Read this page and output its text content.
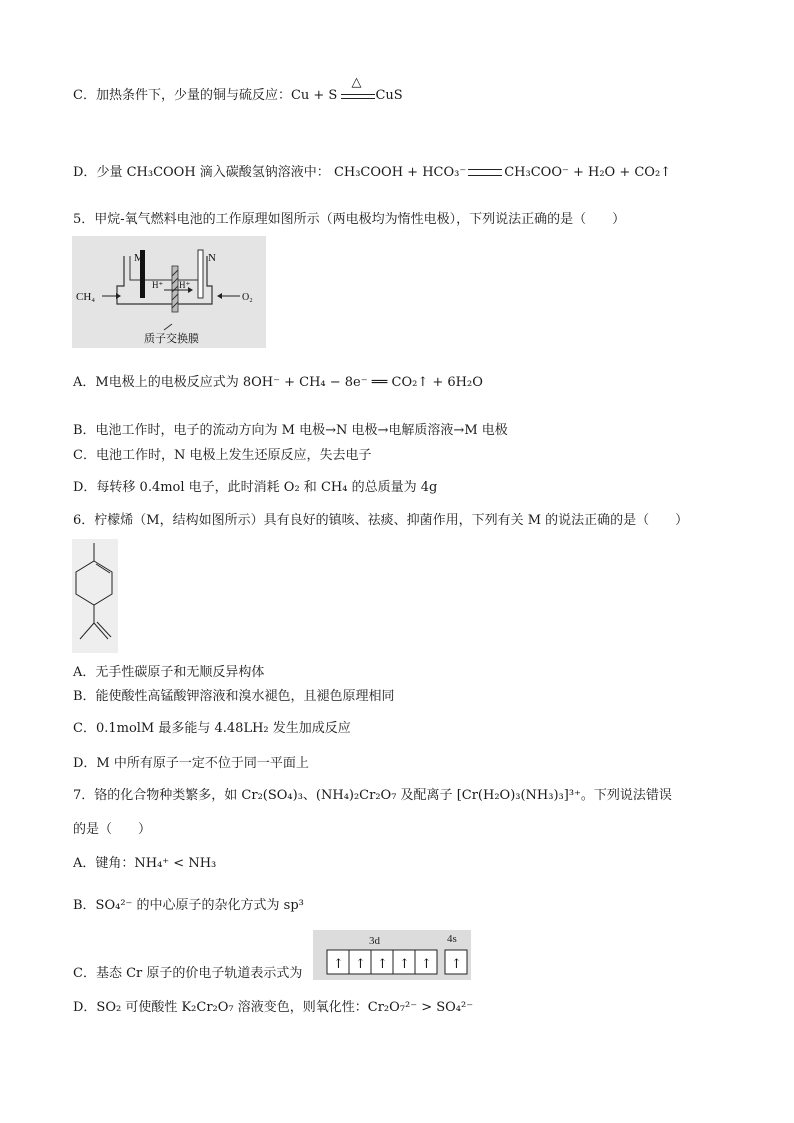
C．加热条件下，少量的铜与硫反应：Cu + S
△
CuS
D．少量 CH₃COOH 滴入碳酸氢钠溶液中： CH₃COOH + HCO₃⁻	CH₃COO⁻ + H₂O + CO₂↑
5．甲烷-氧气燃料电池的工作原理如图所示（两电极均为惰性电极），下列说法正确的是（　　）
M	N
CH₄	O₂
H⁺ H⁺
质子交换膜
A．M电极上的电极反应式为 8OH⁻ + CH₄ − 8e⁻ ══ CO₂↑ + 6H₂O
B．电池工作时，电子的流动方向为 M 电极→N 电极→电解质溶液→M 电极
C．电池工作时，N 电极上发生还原反应，失去电子
D．每转移 0.4mol 电子，此时消耗 O₂ 和 CH₄ 的总质量为 4g
6．柠檬烯（M，结构如图所示）具有良好的镇咳、祛痰、抑菌作用，下列有关 M 的说法正确的是（　　）
A．无手性碳原子和无顺反异构体
B．能使酸性高锰酸钾溶液和溴水褪色，且褪色原理相同
C．0.1molM 最多能与 4.48LH₂ 发生加成反应
D．M 中所有原子一定不位于同一平面上
7．铬的化合物种类繁多，如 Cr₂(SO₄)₃、(NH₄)₂Cr₂O₇ 及配离子 [Cr(H₂O)₃(NH₃)₃]³⁺。下列说法错误
的是（　　）
A．键角：NH₄⁺ < NH₃
B．SO₄²⁻ 的中心原子的杂化方式为 sp³
C．基态 Cr 原子的价电子轨道表示式为
3d	4s
↑ ↑ ↑ ↑ ↑ ↑
D．SO₂ 可使酸性 K₂Cr₂O₇ 溶液变色，则氧化性：Cr₂O₇²⁻ > SO₄²⁻
